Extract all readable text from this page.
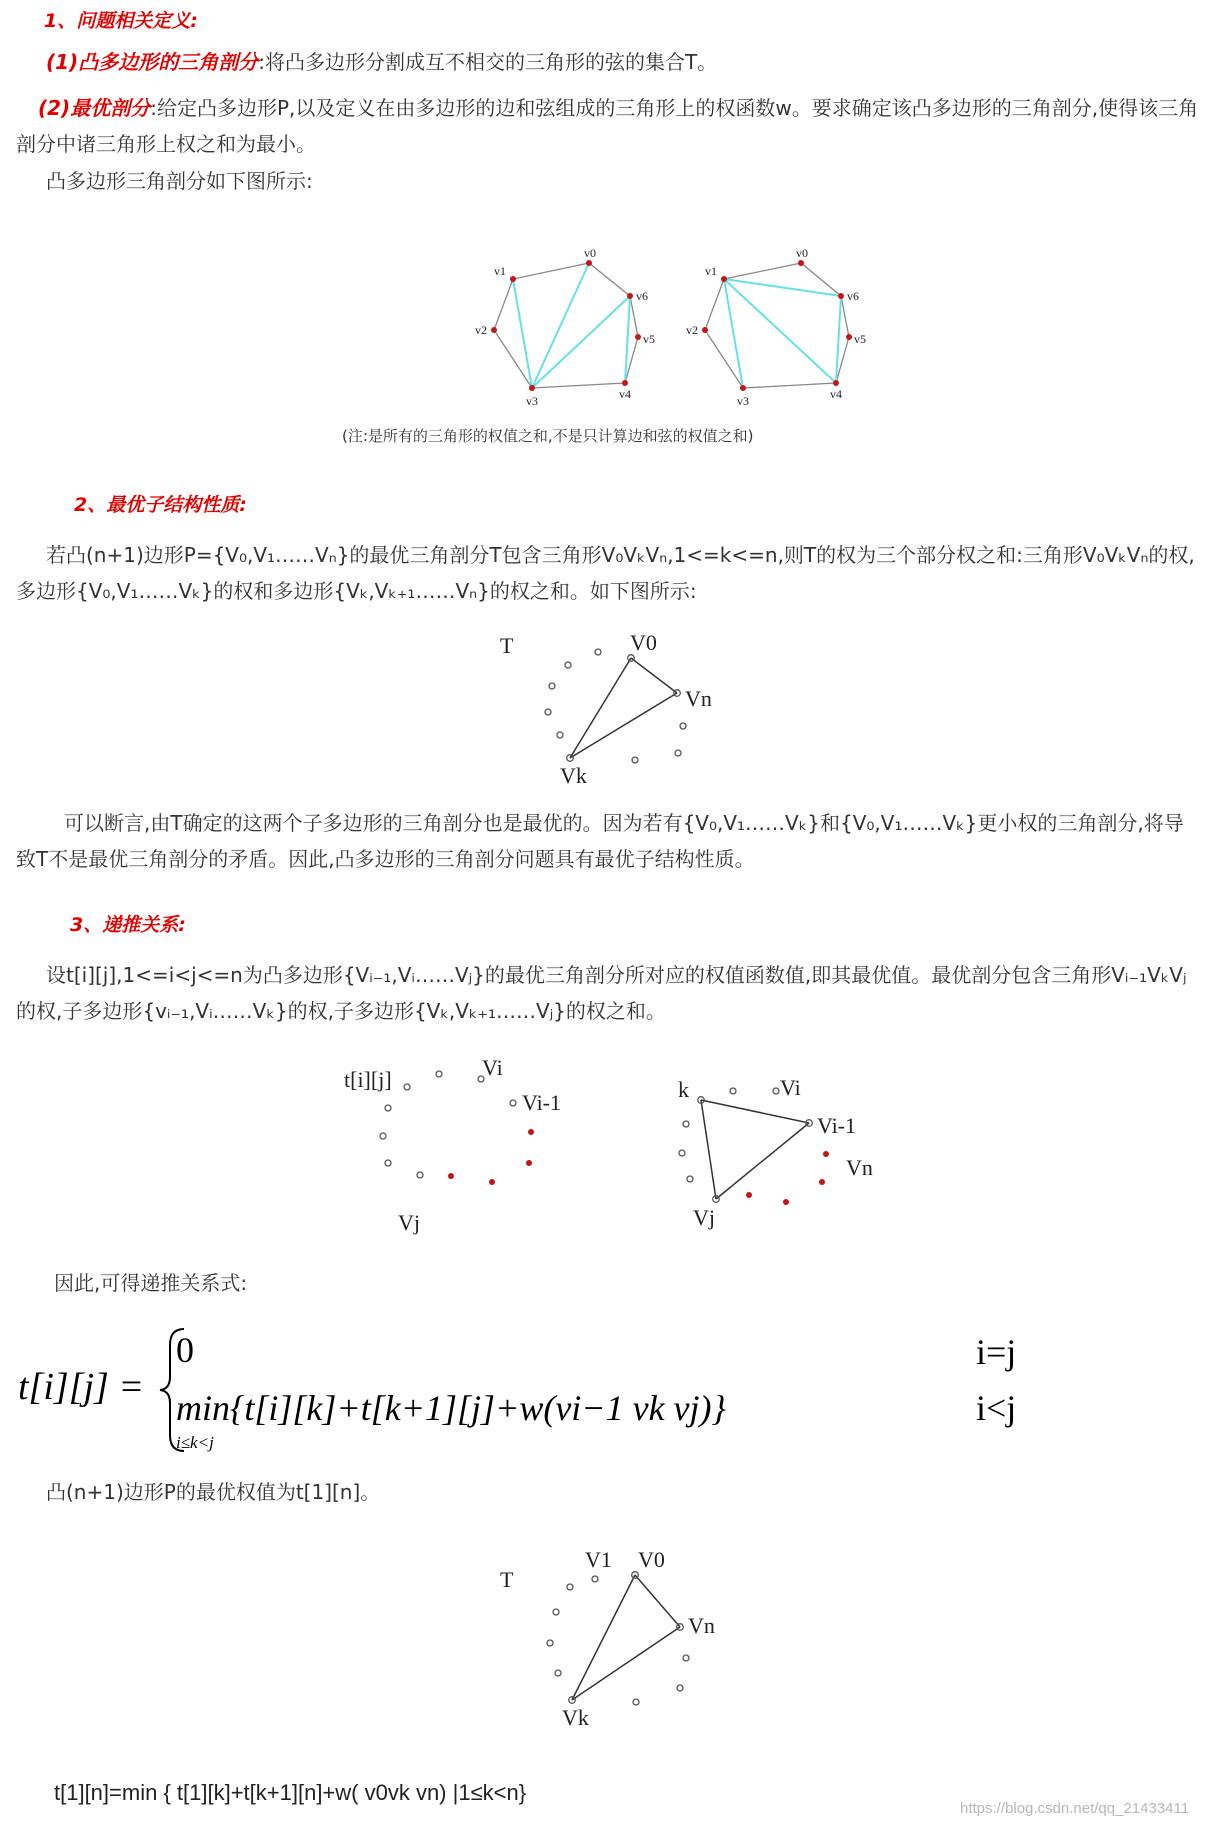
1、问题相关定义:
(1)凸多边形的三角剖分:将凸多边形分割成互不相交的三角形的弦的集合T。
(2)最优剖分:给定凸多边形P,以及定义在由多边形的边和弦组成的三角形上的权函数w。要求确定该凸多边形的三角剖分,使得该三角剖分中诸三角形上权之和为最小。
凸多边形三角剖分如下图所示:
v0
v1
v2
v3	v4
v5
v6
v0
v1
v2
v3	v4
v5
v6
(注:是所有的三角形的权值之和,不是只计算边和弦的权值之和)
2、最优子结构性质:
若凸(n+1)边形P={V₀,V₁……Vₙ}的最优三角剖分T包含三角形V₀VₖVₙ,1<=k<=n,则T的权为三个部分权之和:三角形V₀VₖVₙ的权,多边形{V₀,V₁……Vₖ}的权和多边形{Vₖ,Vₖ₊₁……Vₙ}的权之和。如下图所示:
T	V0
Vn
Vk
可以断言,由T确定的这两个子多边形的三角剖分也是最优的。因为若有{V₀,V₁……Vₖ}和{V₀,V₁……Vₖ}更小权的三角剖分,将导致T不是最优三角剖分的矛盾。因此,凸多边形的三角剖分问题具有最优子结构性质。
3、递推关系:
设t[i][j],1<=i<j<=n为凸多边形{Vᵢ₋₁,Vᵢ……Vⱼ}的最优三角剖分所对应的权值函数值,即其最优值。最优剖分包含三角形Vᵢ₋₁VₖVⱼ的权,子多边形{vᵢ₋₁,Vᵢ……Vₖ}的权,子多边形{Vₖ,Vₖ₊₁……Vⱼ}的权之和。
t[i][j]	Vi
Vi-1
Vj
k	Vi
Vi-1
Vn
Vj
因此,可得递推关系式:
t[i][j] =
0	i=j
min{t[i][k]+t[k+1][j]+w(vi−1 vk vj)}
i≤k<j
i<j
凸(n+1)边形P的最优权值为t[1][n]。
T
V1 V0
Vn
Vk
t[1][n]=min { t[1][k]+t[k+1][n]+w( v0vk vn) |1≤k<n}
https://blog.csdn.net/qq_21433411
